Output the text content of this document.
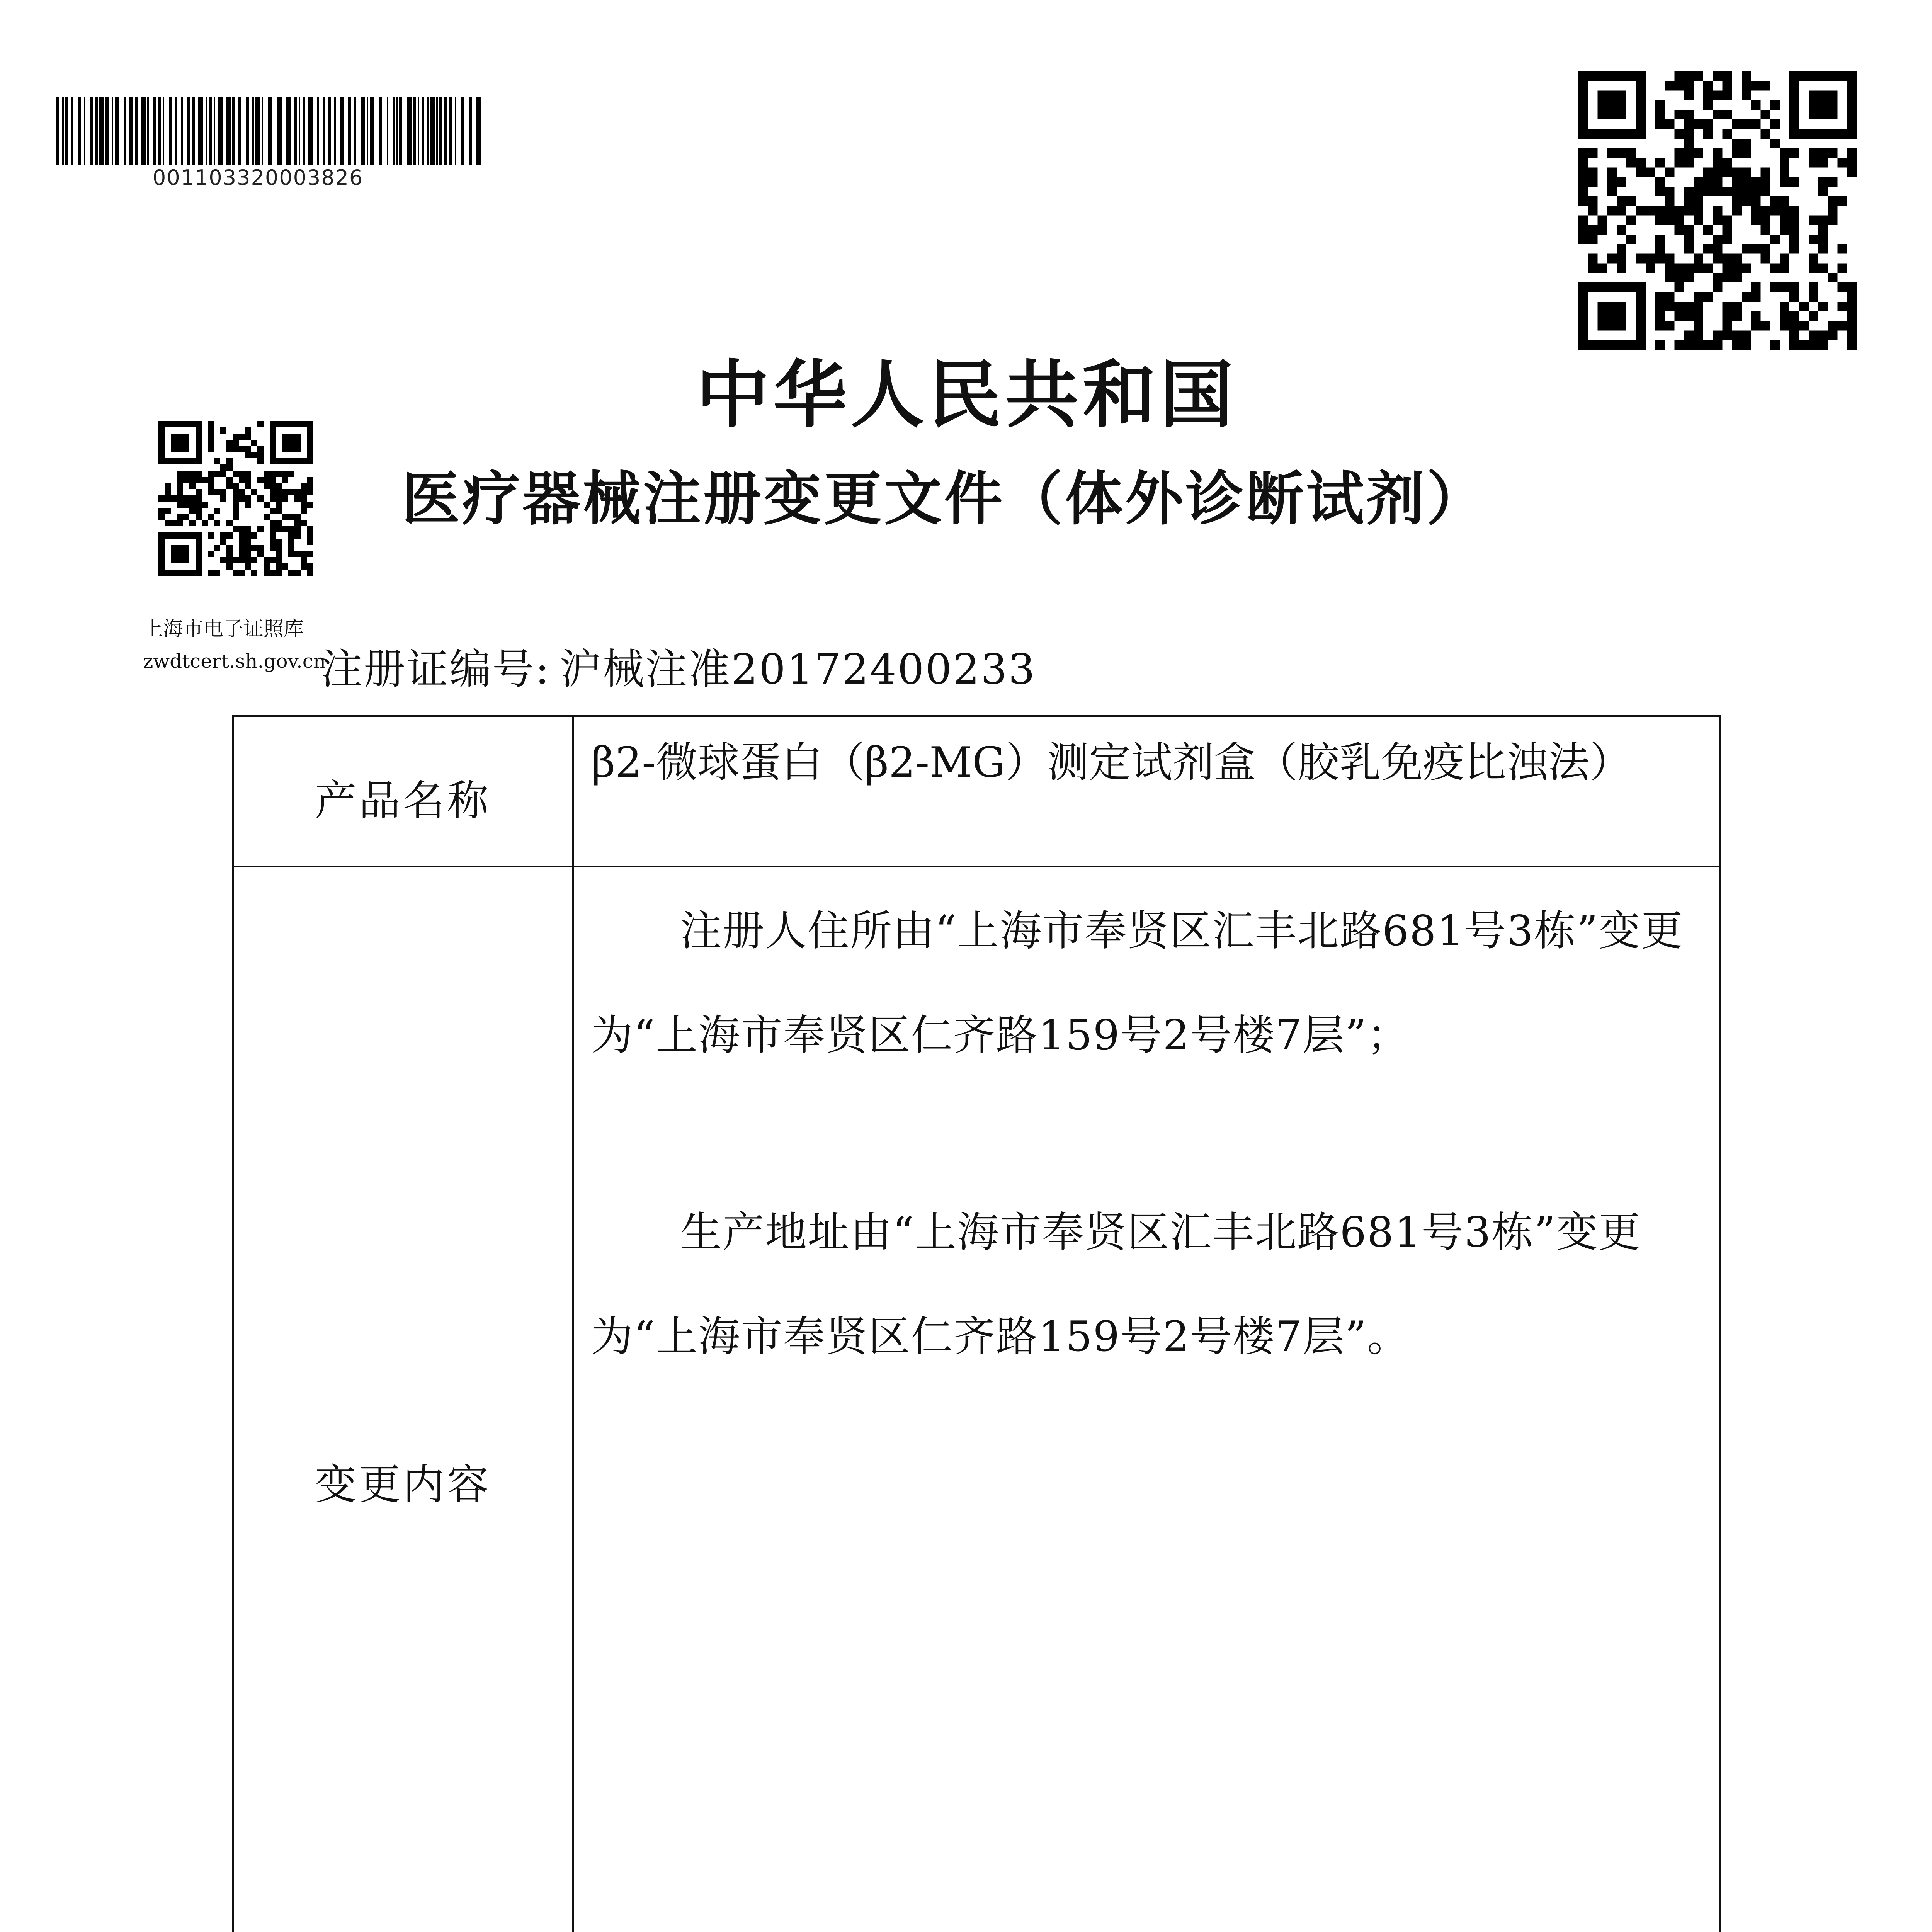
001103320003826
中华人民共和国
医疗器械注册变更文件（体外诊断试剂）
上海市电子证照库
zwdtcert.sh.gov.cn
注册证编号: 沪械注准20172400233
产品名称
β2-微球蛋白（β2-MG）测定试剂盒（胶乳免疫比浊法）
变更内容
注册人住所由“上海市奉贤区汇丰北路681号3栋”变更为“上海市奉贤区仁齐路159号2号楼7层”；
生产地址由“上海市奉贤区汇丰北路681号3栋”变更为“上海市奉贤区仁齐路159号2号楼7层”。
